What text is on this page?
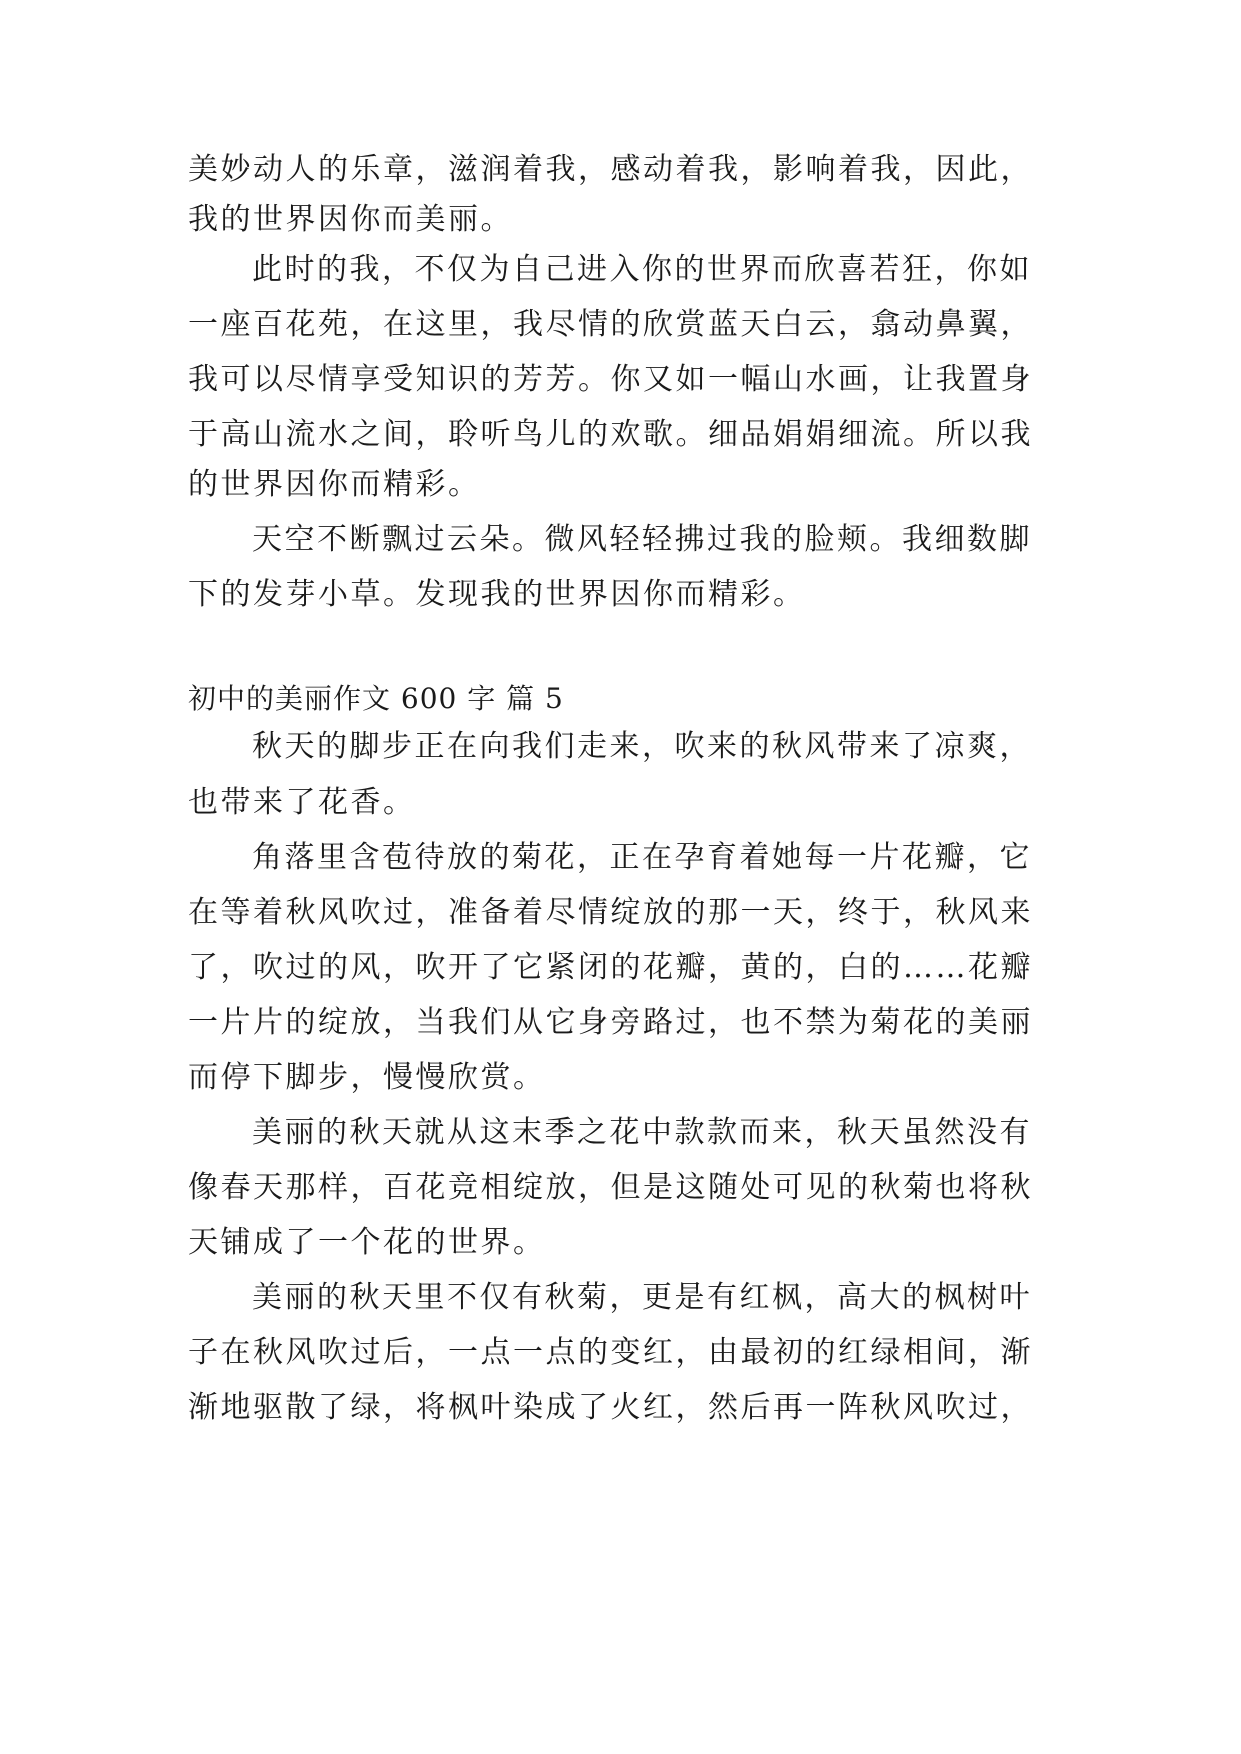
美妙动人的乐章，滋润着我，感动着我，影响着我，因此，

我的世界因你而美丽。

此时的我，不仅为自己进入你的世界而欣喜若狂，你如

一座百花苑，在这里，我尽情的欣赏蓝天白云，翕动鼻翼，

我可以尽情享受知识的芳芳。你又如一幅山水画，让我置身

于高山流水之间，聆听鸟儿的欢歌。细品娟娟细流。所以我

的世界因你而精彩。

天空不断飘过云朵。微风轻轻拂过我的脸颊。我细数脚

下的发芽小草。发现我的世界因你而精彩。

初中的美丽作文 600 字 篇 5

秋天的脚步正在向我们走来，吹来的秋风带来了凉爽，

也带来了花香。

角落里含苞待放的菊花，正在孕育着她每一片花瓣，它

在等着秋风吹过，准备着尽情绽放的那一天，终于，秋风来

了，吹过的风，吹开了它紧闭的花瓣，黄的，白的……花瓣

一片片的绽放，当我们从它身旁路过，也不禁为菊花的美丽

而停下脚步，慢慢欣赏。

美丽的秋天就从这末季之花中款款而来，秋天虽然没有

像春天那样，百花竞相绽放，但是这随处可见的秋菊也将秋

天铺成了一个花的世界。

美丽的秋天里不仅有秋菊，更是有红枫，高大的枫树叶

子在秋风吹过后，一点一点的变红，由最初的红绿相间，渐

渐地驱散了绿，将枫叶染成了火红，然后再一阵秋风吹过，
